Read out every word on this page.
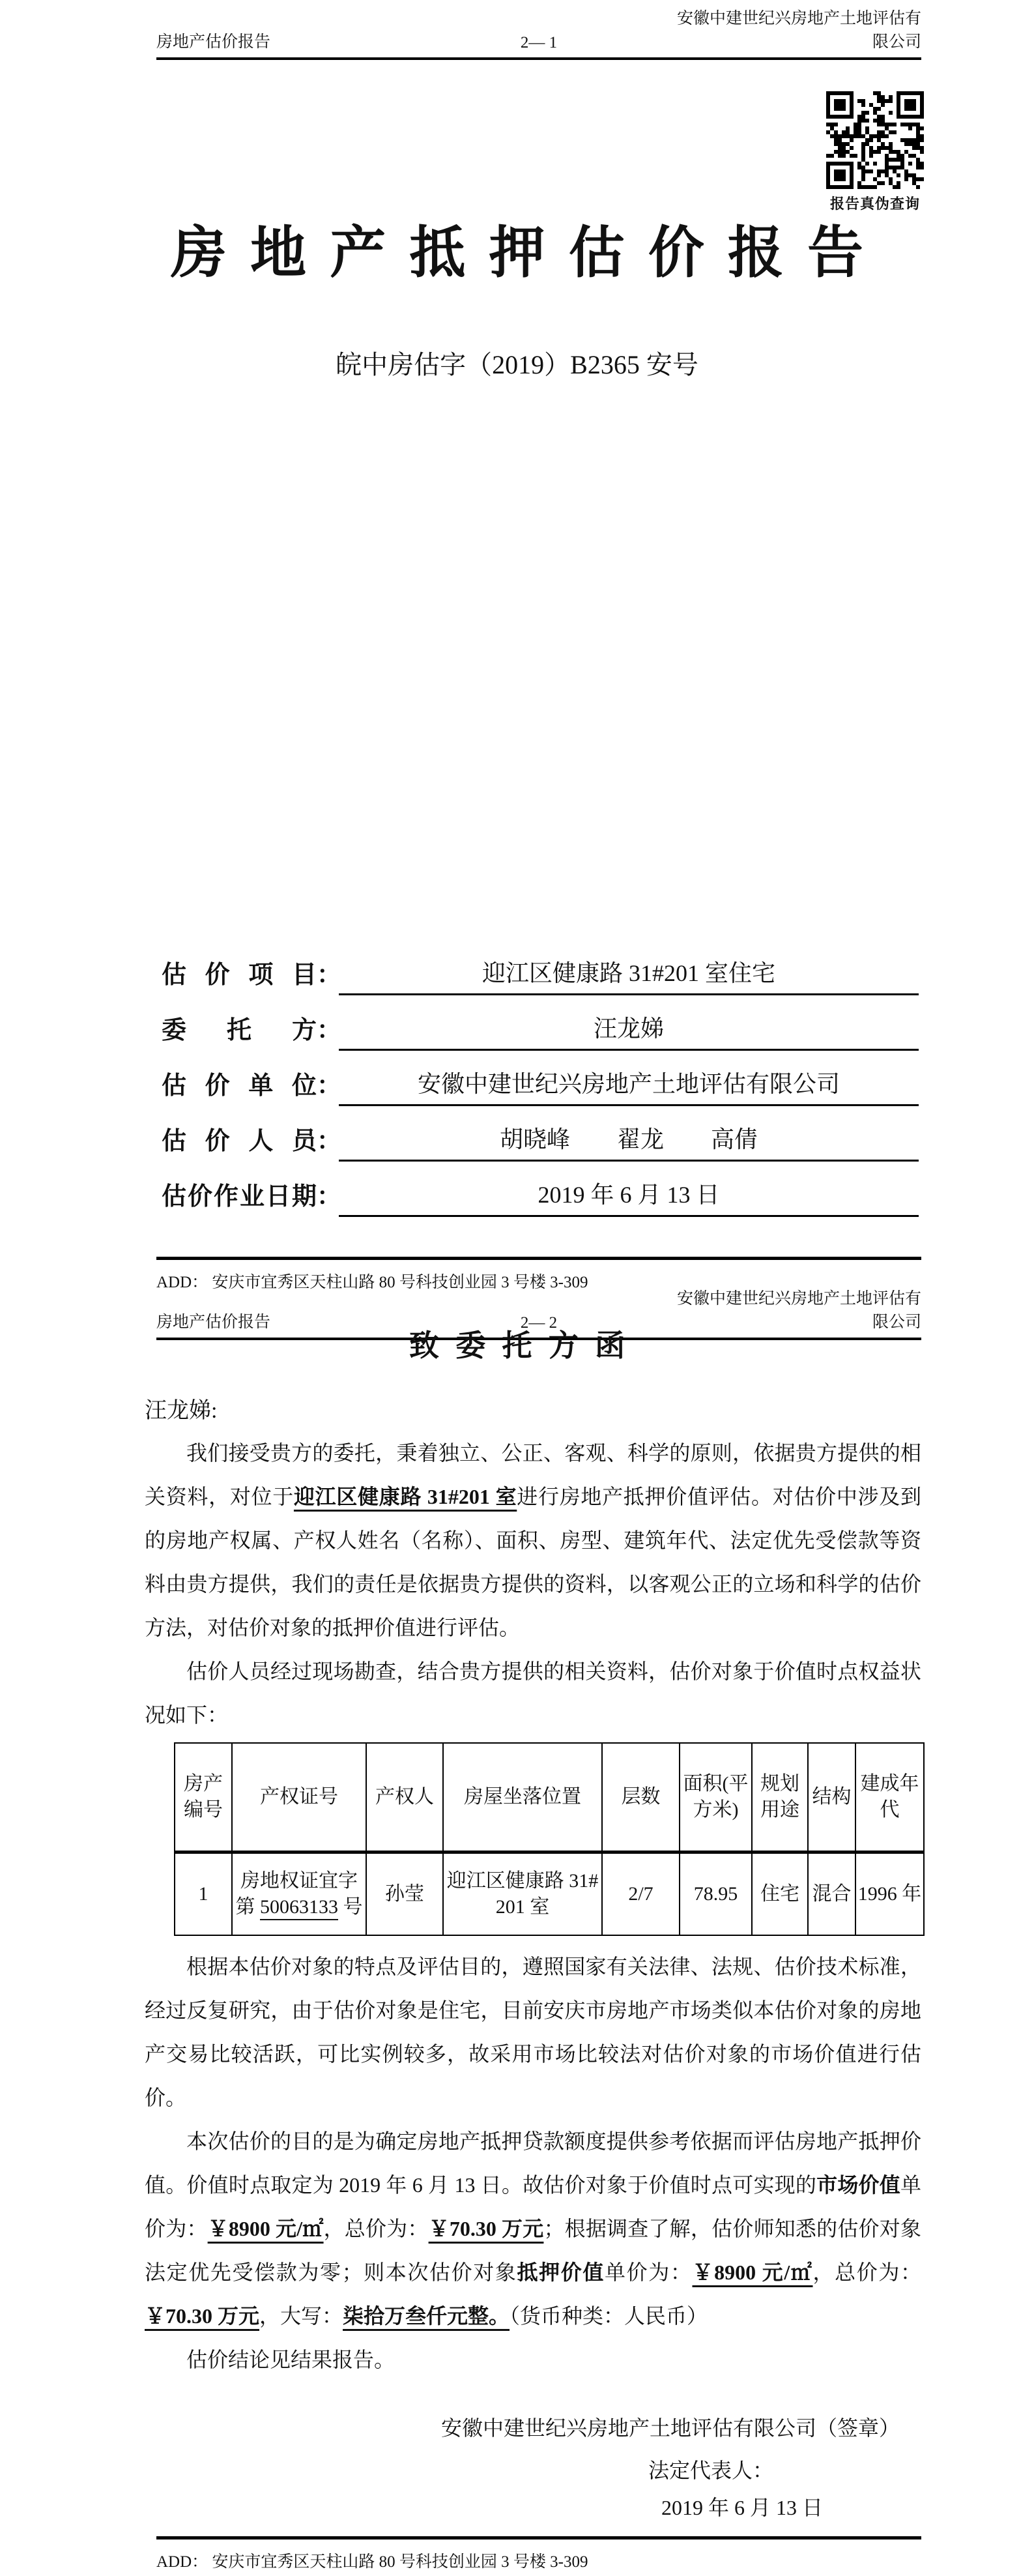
房地产估价报告	2— 1
安徽中建世纪兴房地产土地评估有限公司
报告真伪查询
房地产抵押估价报告
皖中房估字（2019）B2365 安号
估价项目 ：	迎江区健康路 31#201 室住宅
委托方 ：	汪龙娣
估价单位 ：	安徽中建世纪兴房地产土地评估有限公司
估价人员 ：	胡晓峰　　翟龙　　高倩
估价作业日期 ：	2019 年 6 月 13 日
ADD： 安庆市宜秀区天柱山路 80 号科技创业园 3 号楼 3-309
房地产估价报告	2— 2
安徽中建世纪兴房地产土地评估有限公司
致委托方函
汪龙娣:

我们接受贵方的委托，秉着独立、公正、客观、科学的原则，依据贵方提供的相关资料，对位于迎江区健康路 31#201 室进行房地产抵押价值评估。对估价中涉及到的房地产权属、产权人姓名（名称）、面积、房型、建筑年代、法定优先受偿款等资料由贵方提供，我们的责任是依据贵方提供的资料，以客观公正的立场和科学的估价方法，对估价对象的抵押价值进行评估。

估价人员经过现场勘查，结合贵方提供的相关资料，估价对象于价值时点权益状况如下：

房产编号	产权证号	产权人	房屋坐落位置	层数	面积(平方米)	规划用途	结构	建成年代
1	房地权证宜字第 50063133 号	孙莹	迎江区健康路 31#201 室	2/7	78.95	住宅	混合	1996 年

根据本估价对象的特点及评估目的，遵照国家有关法律、法规、估价技术标准，经过反复研究，由于估价对象是住宅，目前安庆市房地产市场类似本估价对象的房地产交易比较活跃，可比实例较多，故采用市场比较法对估价对象的市场价值进行估价。

本次估价的目的是为确定房地产抵押贷款额度提供参考依据而评估房地产抵押价值。价值时点取定为 2019 年 6 月 13 日。故估价对象于价值时点可实现的市场价值单价为：￥8900 元/㎡，总价为：￥70.30 万元；根据调查了解，估价师知悉的估价对象法定优先受偿款为零；则本次估价对象抵押价值单价为：￥8900 元/㎡，总价为：￥70.30 万元，大写：柒拾万叁仟元整。（货币种类：人民币）

估价结论见结果报告。

安徽中建世纪兴房地产土地评估有限公司（签章）
法定代表人：
2019 年 6 月 13 日
ADD： 安庆市宜秀区天柱山路 80 号科技创业园 3 号楼 3-309
